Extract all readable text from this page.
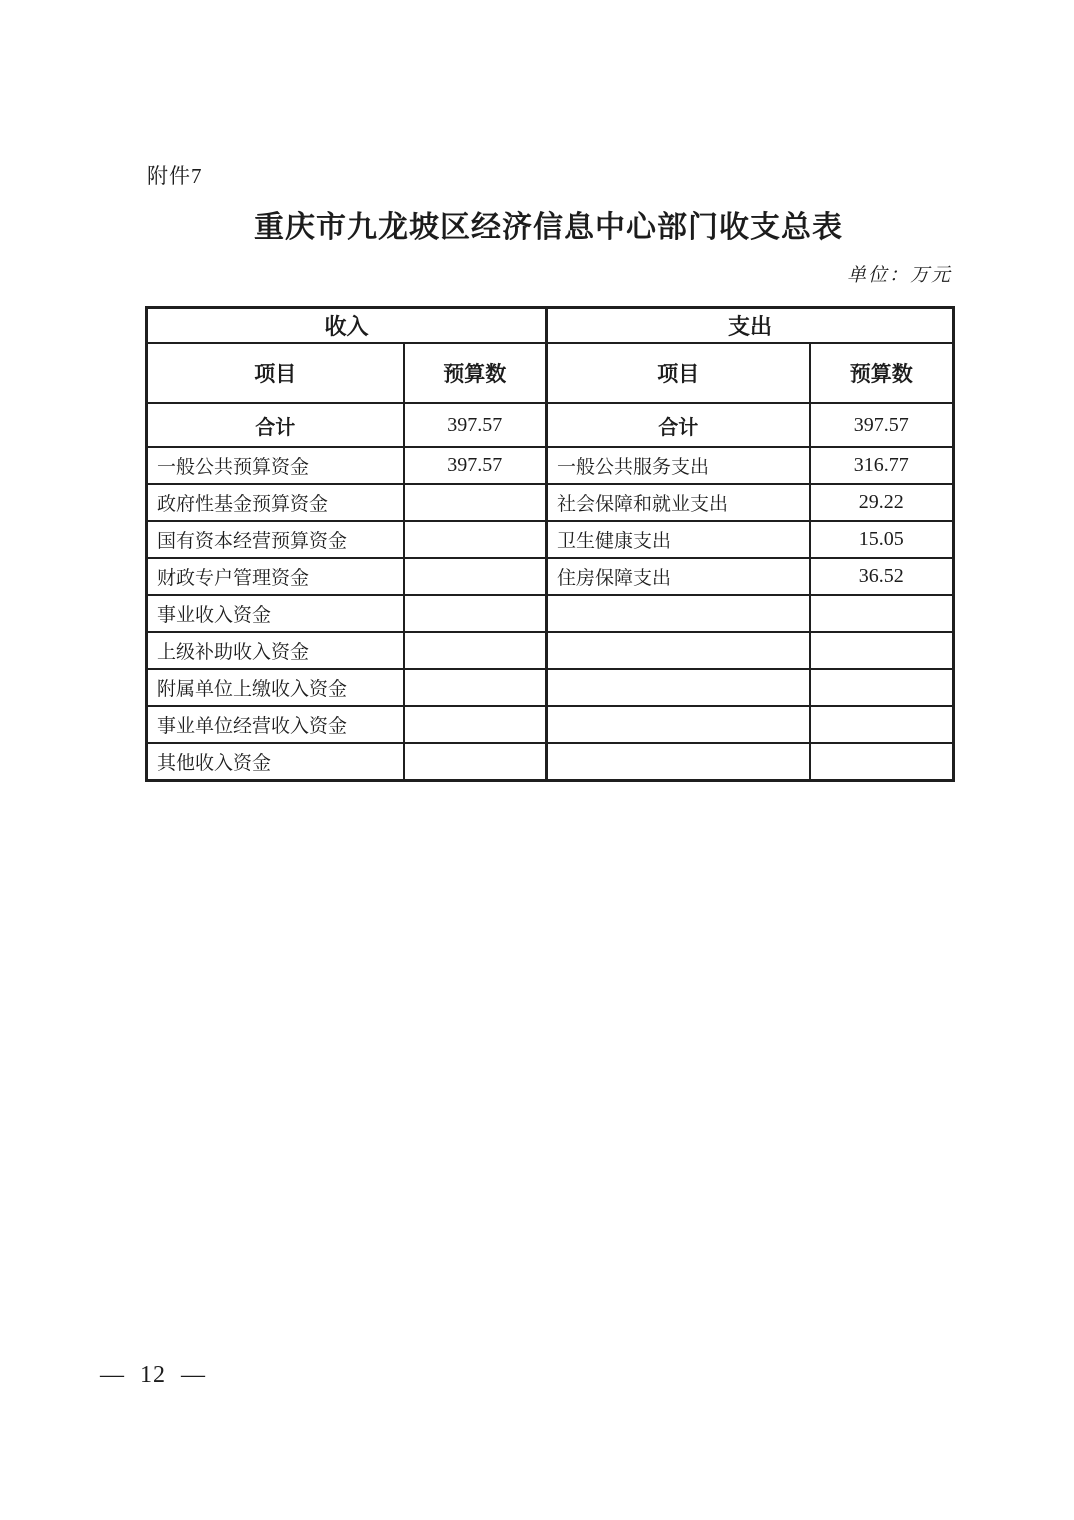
附件7
重庆市九龙坡区经济信息中心部门收支总表
单位：万元
收入		支出	
项目	预算数	项目	预算数
合计	397.57	合计	397.57
一般公共预算资金	397.57	一般公共服务支出	316.77
政府性基金预算资金		社会保障和就业支出	29.22
国有资本经营预算资金		卫生健康支出	15.05
财政专户管理资金		住房保障支出	36.52
事业收入资金			
上级补助收入资金			
附属单位上缴收入资金			
事业单位经营收入资金			
其他收入资金			
— 12 —
